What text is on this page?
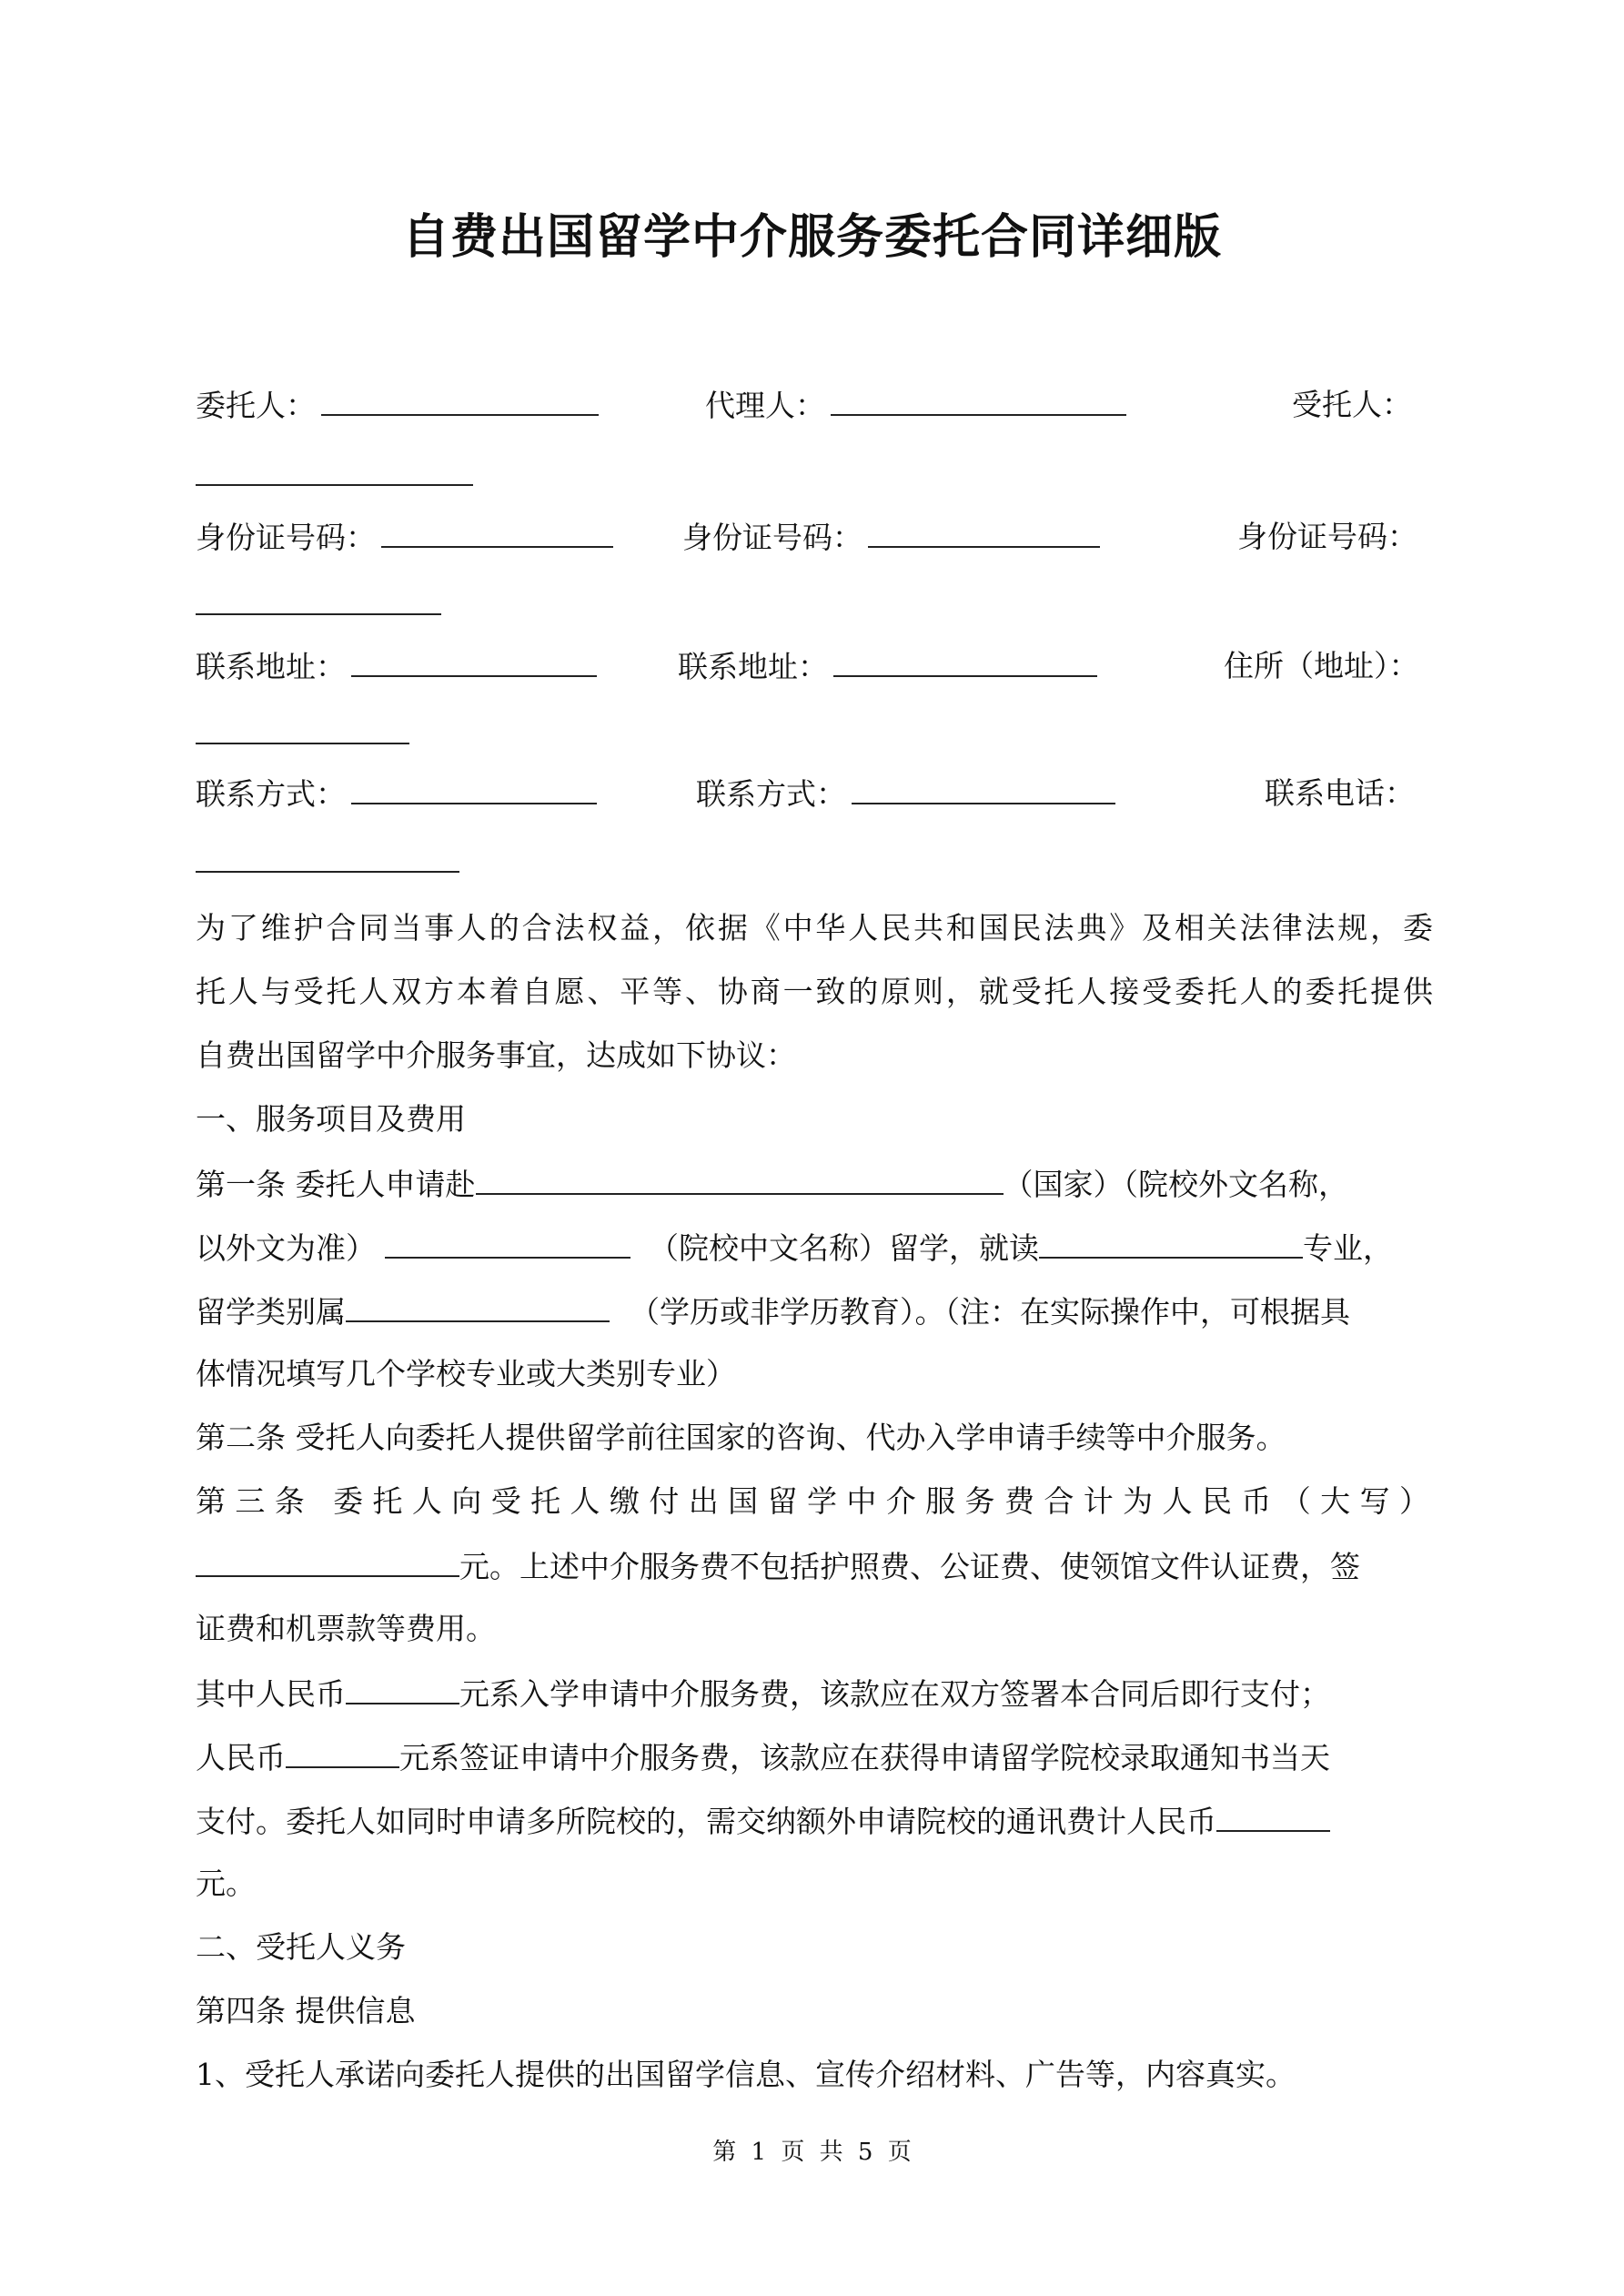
自费出国留学中介服务委托合同详细版
委托人：	代理人：	受托人：
身份证号码：	身份证号码：	身份证号码：
联系地址：	联系地址：	住所（地址）：
联系方式：	联系方式：	联系电话：
为了维护合同当事人的合法权益，依据《中华人民共和国民法典》及相关法律法规，委
托人与受托人双方本着自愿、平等、协商一致的原则，就受托人接受委托人的委托提供
自费出国留学中介服务事宜，达成如下协议：
一、服务项目及费用
第一条 委托人申请赴	（国家）（院校外文名称，
以外文为准）	（院校中文名称）留学，就读	专业，
留学类别属	（学历或非学历教育）。（注：在实际操作中，可根据具
体情况填写几个学校专业或大类别专业）
第二条 受托人向委托人提供留学前往国家的咨询、代办入学申请手续等中介服务。
第三条 委托人向受托人缴付出国留学中介服务费合计为人民币（大写）
元。上述中介服务费不包括护照费、公证费、使领馆文件认证费，签
证费和机票款等费用。
其中人民币	元系入学申请中介服务费，该款应在双方签署本合同后即行支付；
人民币	元系签证申请中介服务费，该款应在获得申请留学院校录取通知书当天
支付。委托人如同时申请多所院校的，需交纳额外申请院校的通讯费计人民币
元。
二、受托人义务
第四条 提供信息
1、受托人承诺向委托人提供的出国留学信息、宣传介绍材料、广告等，内容真实。
第 1 页 共 5 页
